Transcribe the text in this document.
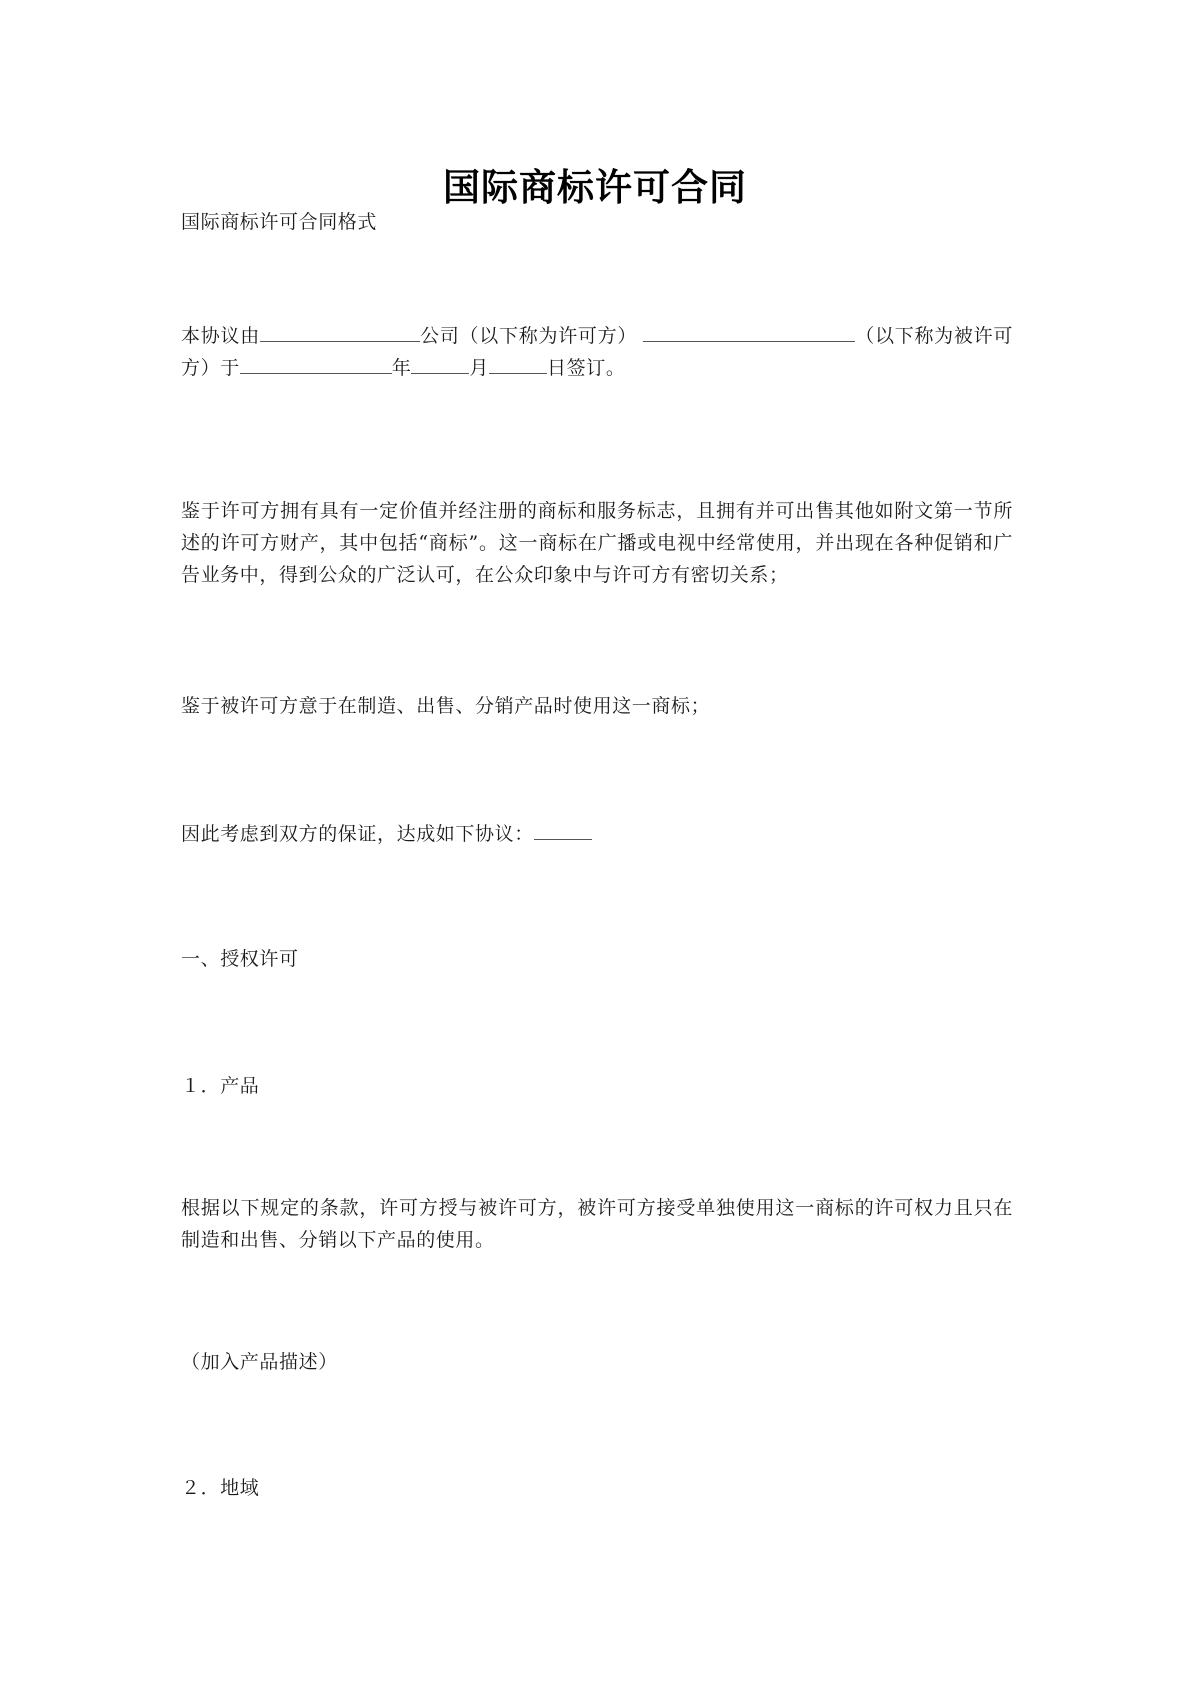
国际商标许可合同
国际商标许可合同格式
本协议由	公司（以下称为许可方）	（以下称为被许可方）于	年	月	日签订。
鉴于许可方拥有具有一定价值并经注册的商标和服务标志，且拥有并可出售其他如附文第一节所述的许可方财产，其中包括“商标”。这一商标在广播或电视中经常使用，并出现在各种促销和广告业务中，得到公众的广泛认可，在公众印象中与许可方有密切关系；
鉴于被许可方意于在制造、出售、分销产品时使用这一商标；
因此考虑到双方的保证，达成如下协议：
一、授权许可
１．产品
根据以下规定的条款，许可方授与被许可方，被许可方接受单独使用这一商标的许可权力且只在制造和出售、分销以下产品的使用。
（加入产品描述）
２．地域
